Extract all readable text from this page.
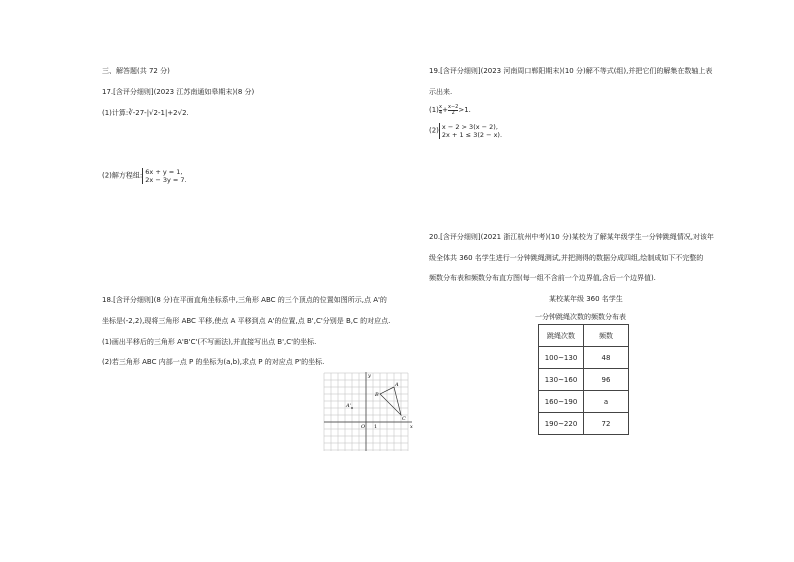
三、解答题(共 72 分)
17.[含评分细则](2023 江苏南通如皋期末)(8 分)
(1)计算:∛-27-|√2-1|+2√2.
(2)解方程组: 6x + y = 1,
2x − 3y = 7.
18.[含评分细则](8 分)在平面直角坐标系中,三角形 ABC 的三个顶点的位置如图所示,点 A'的
坐标是(-2,2),现将三角形 ABC 平移,使点 A 平移到点 A'的位置,点 B',C'分别是 B,C 的对应点.
(1)画出平移后的三角形 A'B'C'(不写画法),并直接写出点 B',C'的坐标.
(2)若三角形 ABC 内部一点 P 的坐标为(a,b),求点 P 的对应点 P'的坐标.
y
x
O 1
A
B
C
A'
19.[含评分细则](2023 河南周口郸阳期末)(10 分)解不等式(组),并把它们的解集在数轴上表
示出来.
$(1) \frac{x}{4} + \frac{x-2}{2} >1$.
(2) x − 2 > 3(x − 2),
2x + 1 ≤ 3(2 − x).
20.[含评分细则](2021 浙江杭州中考)(10 分)某校为了解某年级学生一分钟跳绳情况,对该年
级全体共 360 名学生进行一分钟跳绳测试,并把测得的数据分成四组,绘制成如下不完整的
频数分布表和频数分布直方图(每一组不含前一个边界值,含后一个边界值).
某校某年级 360 名学生
一分钟跳绳次数的频数分布表
跳绳次数	频数
100~130	48
130~160	96
160~190	a
190~220	72
